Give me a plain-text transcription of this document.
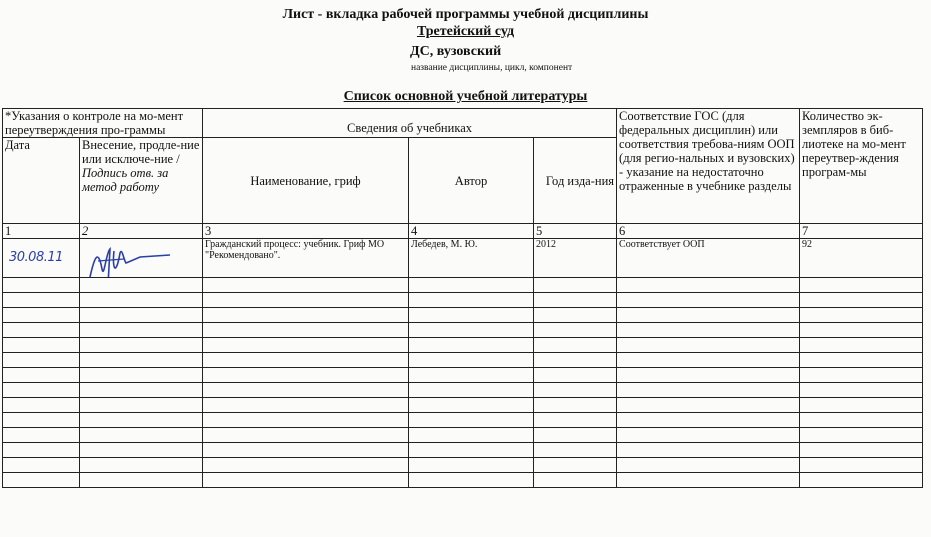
Лист - вкладка рабочей программы учебной дисциплины
Третейский суд
ДС, вузовский
название дисциплины, цикл, компонент
Список основной учебной литературы
*Указания о контроле на мо-мент переутверждения про-граммы		Сведения об учебниках			Соответствие ГОС (для федеральных дисциплин) или соответствия требова-ниям ООП (для регио-нальных и вузовских) - указание на недостаточно отраженные в учебнике разделы	Количество эк-земпляров в биб-лиотеке на мо-мент переутвер-ждения програм-мы
Дата	Внесение, продле-ние или исключе-ние / Подпись отв. за метод работу	Наименование, гриф	Автор	Год изда-ния		
1	2	3	4	5	6	7

30.08.11		Гражданский процесс: учебник. Гриф МО "Рекомендовано".	Лебедев, М. Ю.	2012	Соответствует ООП	92
